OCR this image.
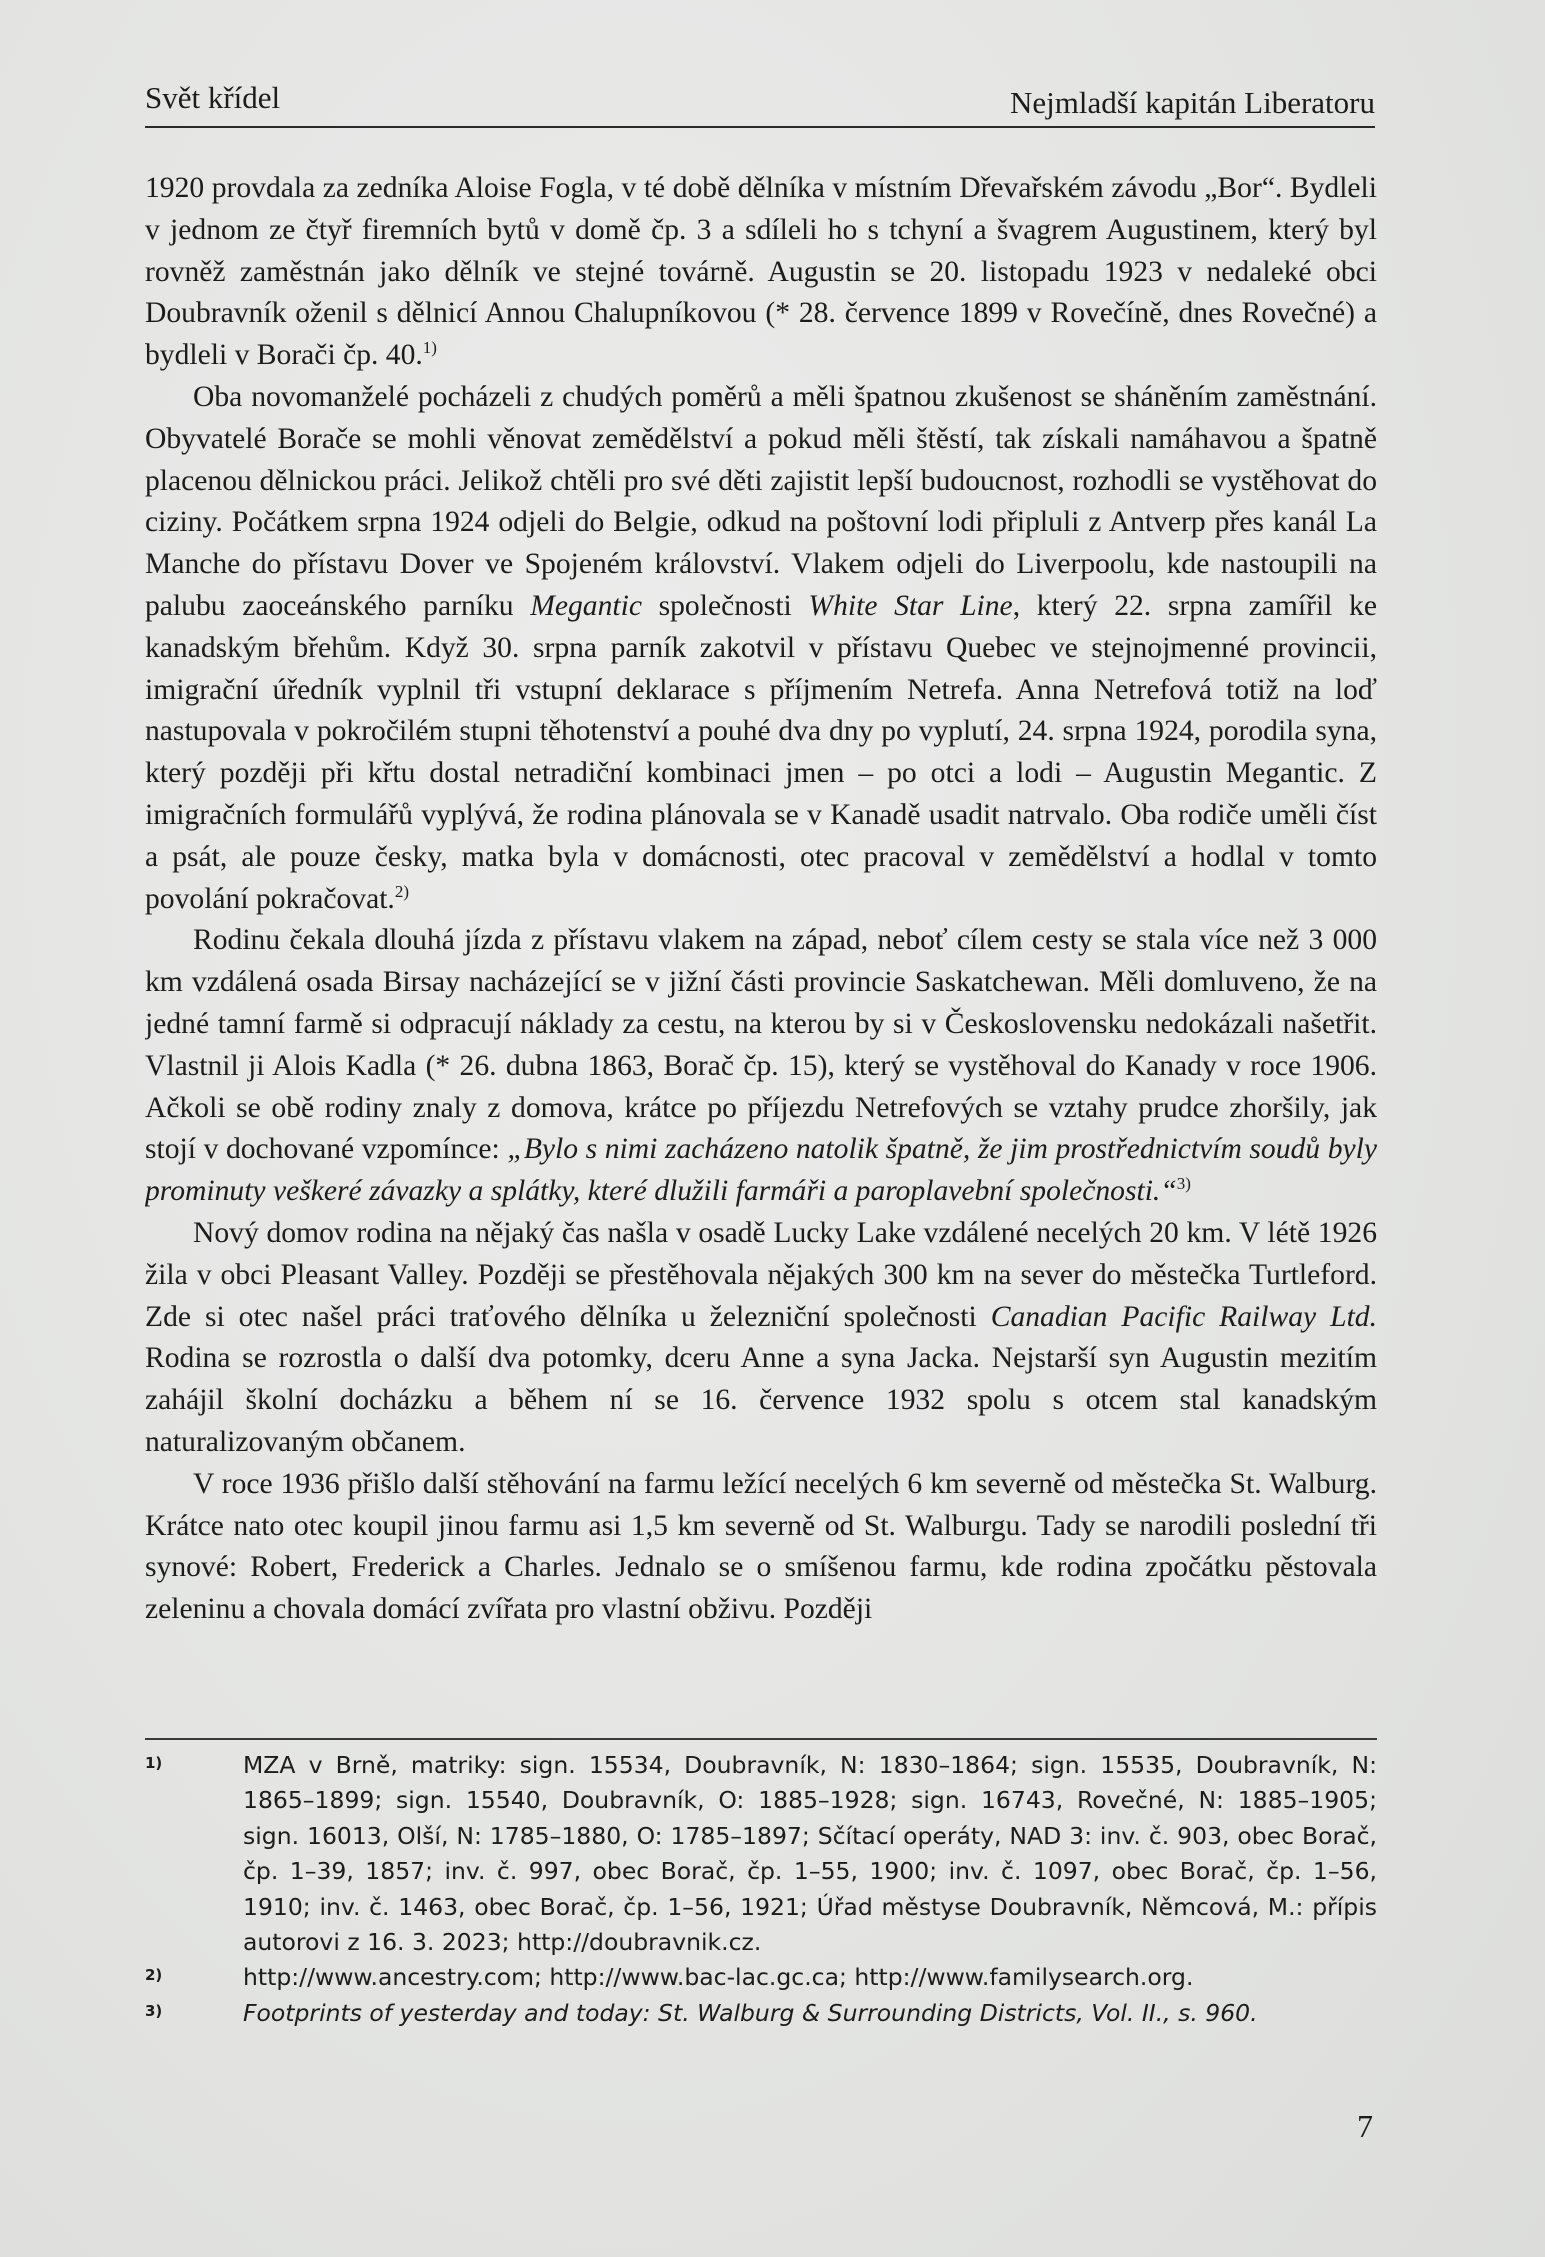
Svět křídel	Nejmladší kapitán Liberatoru

1920 provdala za zedníka Aloise Fogla, v té době dělníka v místním Dřevařském závodu „Bor“. Bydleli v jednom ze čtyř firemních bytů v domě čp. 3 a sdíleli ho s tchyní a švagrem Augustinem, který byl rovněž zaměstnán jako dělník ve stejné továrně. Augustin se 20. listopadu 1923 v nedaleké obci Doubravník oženil s dělnicí Annou Chalupníkovou (* 28. července 1899 v Rovečíně, dnes Rovečné) a bydleli v Borači čp. 40.$^{1)}$

Oba novomanželé pocházeli z chudých poměrů a měli špatnou zkušenost se sháněním zaměstnání. Obyvatelé Borače se mohli věnovat zemědělství a pokud měli štěstí, tak získali namáhavou a špatně placenou dělnickou práci. Jelikož chtěli pro své děti zajistit lepší budoucnost, rozhodli se vystěhovat do ciziny. Počátkem srpna 1924 odjeli do Belgie, odkud na poštovní lodi připluli z Antverp přes kanál La Manche do přístavu Dover ve Spojeném království. Vlakem odjeli do Liverpoolu, kde nastoupili na palubu zaoceánského parníku Megantic společnosti White Star Line, který 22. srpna zamířil ke kanadským břehům. Když 30. srpna parník zakotvil v přístavu Quebec ve stejnojmenné provincii, imigrační úředník vyplnil tři vstupní deklarace s příjmením Netrefa. Anna Netrefová totiž na loď nastupovala v pokročilém stupni těhotenství a pouhé dva dny po vyplutí, 24. srpna 1924, porodila syna, který později při křtu dostal netradiční kombinaci jmen – po otci a lodi – Augustin Megantic. Z imigračních formulářů vyplývá, že rodina plánovala se v Kanadě usadit natrvalo. Oba rodiče uměli číst a psát, ale pouze česky, matka byla v domácnosti, otec pracoval v zemědělství a hodlal v tomto povolání pokračovat.$^{2)}$

Rodinu čekala dlouhá jízda z přístavu vlakem na západ, neboť cílem cesty se stala více než 3 000 km vzdálená osada Birsay nacházející se v jižní části provincie Saskatchewan. Měli domluveno, že na jedné tamní farmě si odpracují náklady za cestu, na kterou by si v Československu nedokázali našetřit. Vlastnil ji Alois Kadla (* 26. dubna 1863, Borač čp. 15), který se vystěhoval do Kanady v roce 1906. Ačkoli se obě rodiny znaly z domova, krátce po příjezdu Netrefových se vztahy prudce zhoršily, jak stojí v dochované vzpomínce: „Bylo s nimi zacházeno natolik špatně, že jim prostřednictvím soudů byly prominuty veškeré závazky a splátky, které dlužili farmáři a paroplavební společnosti.“$^{3)}$

Nový domov rodina na nějaký čas našla v osadě Lucky Lake vzdálené necelých 20 km. V létě 1926 žila v obci Pleasant Valley. Později se přestěhovala nějakých 300 km na sever do městečka Turtleford. Zde si otec našel práci traťového dělníka u železniční společnosti Canadian Pacific Railway Ltd. Rodina se rozrostla o další dva potomky, dceru Anne a syna Jacka. Nejstarší syn Augustin mezitím zahájil školní docházku a během ní se 16. července 1932 spolu s otcem stal kanadským naturalizovaným občanem.

V roce 1936 přišlo další stěhování na farmu ležící necelých 6 km severně od městečka St. Walburg. Krátce nato otec koupil jinou farmu asi 1,5 km severně od St. Walburgu. Tady se narodili poslední tři synové: Robert, Frederick a Charles. Jednalo se o smíšenou farmu, kde rodina zpočátku pěstovala zeleninu a chovala domácí zvířata pro vlastní obživu. Později

1)	MZA v Brně, matriky: sign. 15534, Doubravník, N: 1830–1864; sign. 15535, Doubravník, N: 1865–1899; sign. 15540, Doubravník, O: 1885–1928; sign. 16743, Rovečné, N: 1885–1905; sign. 16013, Olší, N: 1785–1880, O: 1785–1897; Sčítací operáty, NAD 3: inv. č. 903, obec Borač, čp. 1–39, 1857; inv. č. 997, obec Borač, čp. 1–55, 1900; inv. č. 1097, obec Borač, čp. 1–56, 1910; inv. č. 1463, obec Borač, čp. 1–56, 1921; Úřad městyse Doubravník, Němcová, M.: přípis autorovi z 16. 3. 2023; http://doubravnik.cz.
2)	http://www.ancestry.com; http://www.bac-lac.gc.ca; http://www.familysearch.org.
3)	Footprints of yesterday and today: St. Walburg & Surrounding Districts, Vol. II., s. 960.
7
